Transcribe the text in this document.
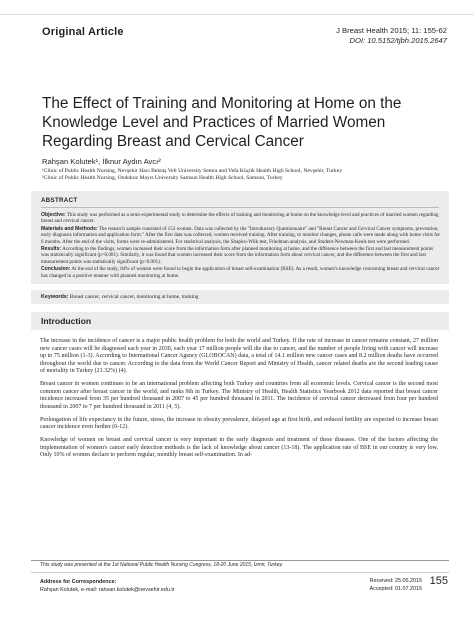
Original Article	J Breast Health 2015; 11: 155-62
DOI: 10.5152/tjbh.2015.2647
The Effect of Training and Monitoring at Home on the Knowledge Level and Practices of Married Women Regarding Breast and Cervical Cancer
Rahşan Kolutek¹, İlknur Aydın Avcı²
¹Clinic of Public Health Nursing, Nevşehir Hacı Bektaş Veli University Semra and Vefa Küçük Health High School, Nevşehir, Turkey
²Clinic of Public Health Nursing, Ondokuz Mayıs University Samsun Health High School, Samsun, Turkey
ABSTRACT

Objective: This study was performed as a semi-experimental study to determine the effects of training and monitoring at home on the knowledge level and practices of married women regarding breast and cervical cancer.

Materials and Methods: The research sample consisted of 153 women. Data was collected by the "Introductory Questionnaire" and "Breast Cancer and Cervical Cancer symptoms, prevention, early diagnosis information and application form." After the first data was collected, women received training. After training, to monitor changes, phone calls were made along with home visits for 6 months. After the end of the visits, forms were re-administered. For statistical analysis, the Shapiro-Wilk test, Friedman analysis, and Student-Newman-Keuls test were performed.

Results: According to the findings, women increased their score from the information form after planned monitoring at home, and the difference between the first and last measurement points was statistically significant (p<0.001). Similarly, it was found that women increased their score from the information form about cervical cancer, and the difference between the first and last measurement points was statistically significant (p<0.001).

Conclusion: At the end of the study, 84% of women were found to begin the application of breast self-examination (BSE). As a result, women's knowledge concerning breast and cervical cancer has changed in a positive manner with planned monitoring at home.

Keywords: Breast cancer, cervical cancer, monitoring at home, training
Introduction

The increase in the incidence of cancer is a major public health problem for both the world and Turkey. If the rate of increase in cancer remains constant, 27 million new cancer cases will be diagnosed each year in 2030, each year 17 million people will die due to cancer, and the number of people living with cancer will increase up to 75 million (1-3). According to International Cancer Agency (GLOBOCAN) data, a total of 14.1 million new cancer cases and 8.2 million deaths have occurred throughout the world due to cancer. According to the data from the World Cancer Report and Ministry of Health, cancer related deaths are the second leading cause of mortality in Turkey (21.32%) (4).

Breast cancer in women continues to be an international problem affecting both Turkey and countries from all economic levels. Cervical cancer is the second most common cancer after breast cancer in the world, and ranks 9th in Turkey. The Ministry of Health, Health Statistics Yearbook 2012 data reported that breast cancer incidence increased from 35 per hundred thousand in 2007 to 45 per hundred thousand in 2011. The incidence of cervical cancer decreased from four per hundred thousand in 2007 to 7 per hundred thousand in 2011 (4, 5).

Prolongation of life expectancy in the future, stress, the increase in obesity prevalence, delayed age at first birth, and reduced fertility are expected to increase breast cancer incidence even further (6-12).

Knowledge of women on breast and cervical cancer is very important in the early diagnosis and treatment of these diseases. One of the factors affecting the implementation of women's cancer early detection methods is the lack of knowledge about cancer (13-18). The application rate of BSE in our country is very low. Only 10% of women declare to perform regular, monthly breast self-examination. In ad-

This study was presented at the 1st National Public Health Nursing Congress, 18-20 June 2015, İzmir, Turkey.
Address for Correspondence:
Rahşan Kolutek, e-mail: rahsan.kolutek@nevsehir.edu.tr
Received: 25.05.2015
Accepted: 01.07.2015
155
